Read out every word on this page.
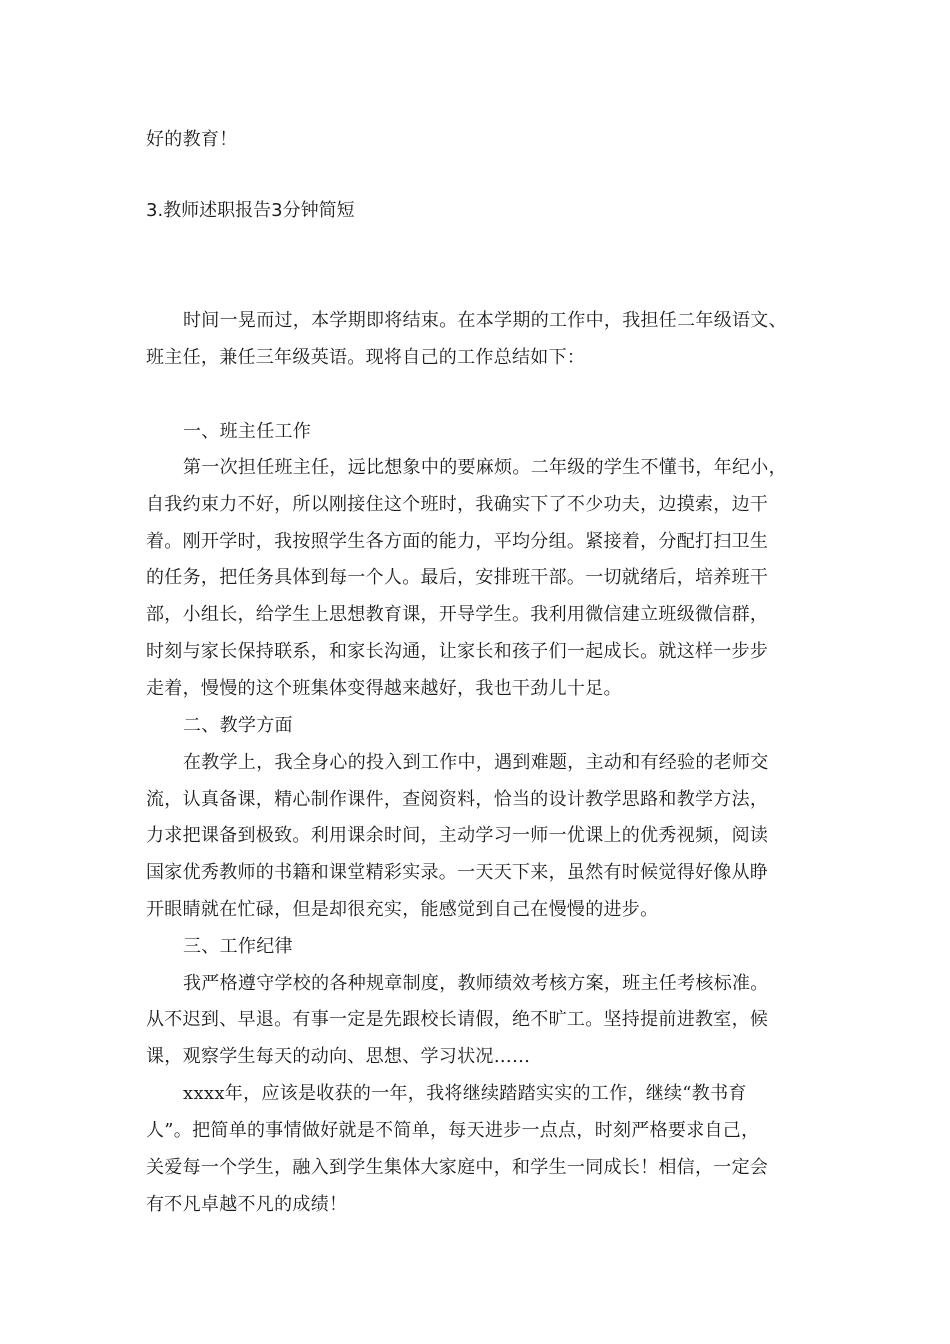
好的教育！
3.教师述职报告3分钟简短
时间一晃而过，本学期即将结束。在本学期的工作中，我担任二年级语文、
班主任，兼任三年级英语。现将自己的工作总结如下：
一、班主任工作
第一次担任班主任，远比想象中的要麻烦。二年级的学生不懂书，年纪小，
自我约束力不好，所以刚接住这个班时，我确实下了不少功夫，边摸索，边干
着。刚开学时，我按照学生各方面的能力，平均分组。紧接着，分配打扫卫生
的任务，把任务具体到每一个人。最后，安排班干部。一切就绪后，培养班干
部，小组长，给学生上思想教育课，开导学生。我利用微信建立班级微信群，
时刻与家长保持联系，和家长沟通，让家长和孩子们一起成长。就这样一步步
走着，慢慢的这个班集体变得越来越好，我也干劲儿十足。
二、教学方面
在教学上，我全身心的投入到工作中，遇到难题，主动和有经验的老师交
流，认真备课，精心制作课件，查阅资料，恰当的设计教学思路和教学方法，
力求把课备到极致。利用课余时间，主动学习一师一优课上的优秀视频，阅读
国家优秀教师的书籍和课堂精彩实录。一天天下来，虽然有时候觉得好像从睁
开眼睛就在忙碌，但是却很充实，能感觉到自己在慢慢的进步。
三、工作纪律
我严格遵守学校的各种规章制度，教师绩效考核方案，班主任考核标准。
从不迟到、早退。有事一定是先跟校长请假，绝不旷工。坚持提前进教室，候
课，观察学生每天的动向、思想、学习状况……
xxxx年，应该是收获的一年，我将继续踏踏实实的工作，继续“教书育
人”。把简单的事情做好就是不简单，每天进步一点点，时刻严格要求自己，
关爱每一个学生，融入到学生集体大家庭中，和学生一同成长！相信，一定会
有不凡卓越不凡的成绩！
